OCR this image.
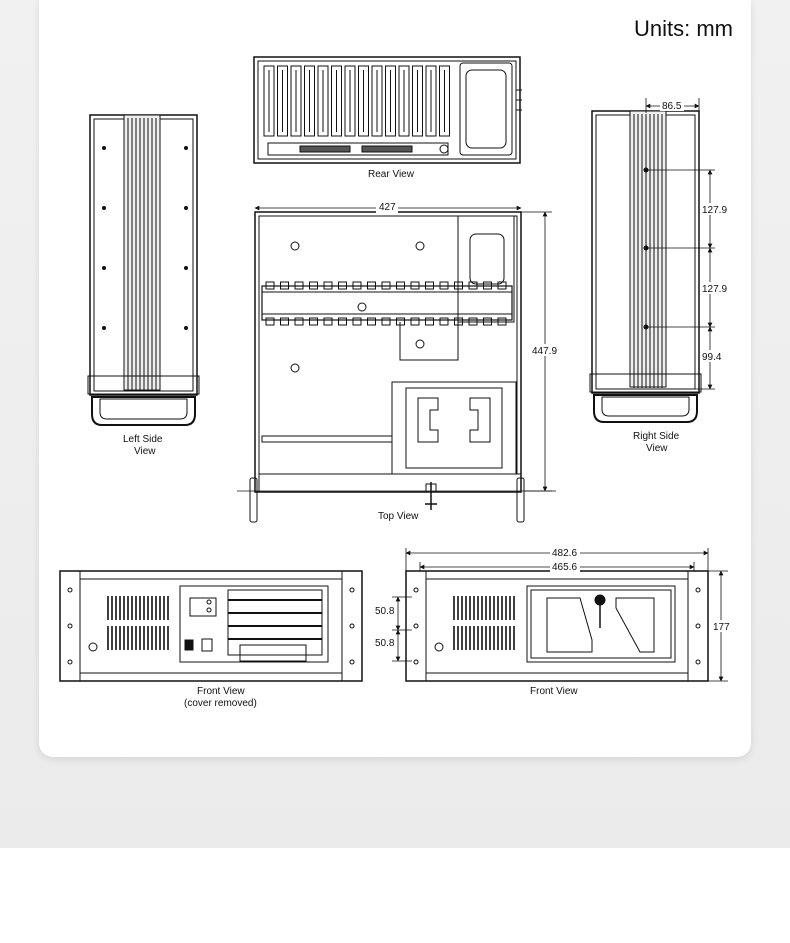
Units: mm
Rear View
Left Side
View
86.5
127.9
127.9
99.4
Right Side
View
427
447.9
Top View
Front View
(cover removed)
482.6
465.6
177
50.8
50.8
Front View
